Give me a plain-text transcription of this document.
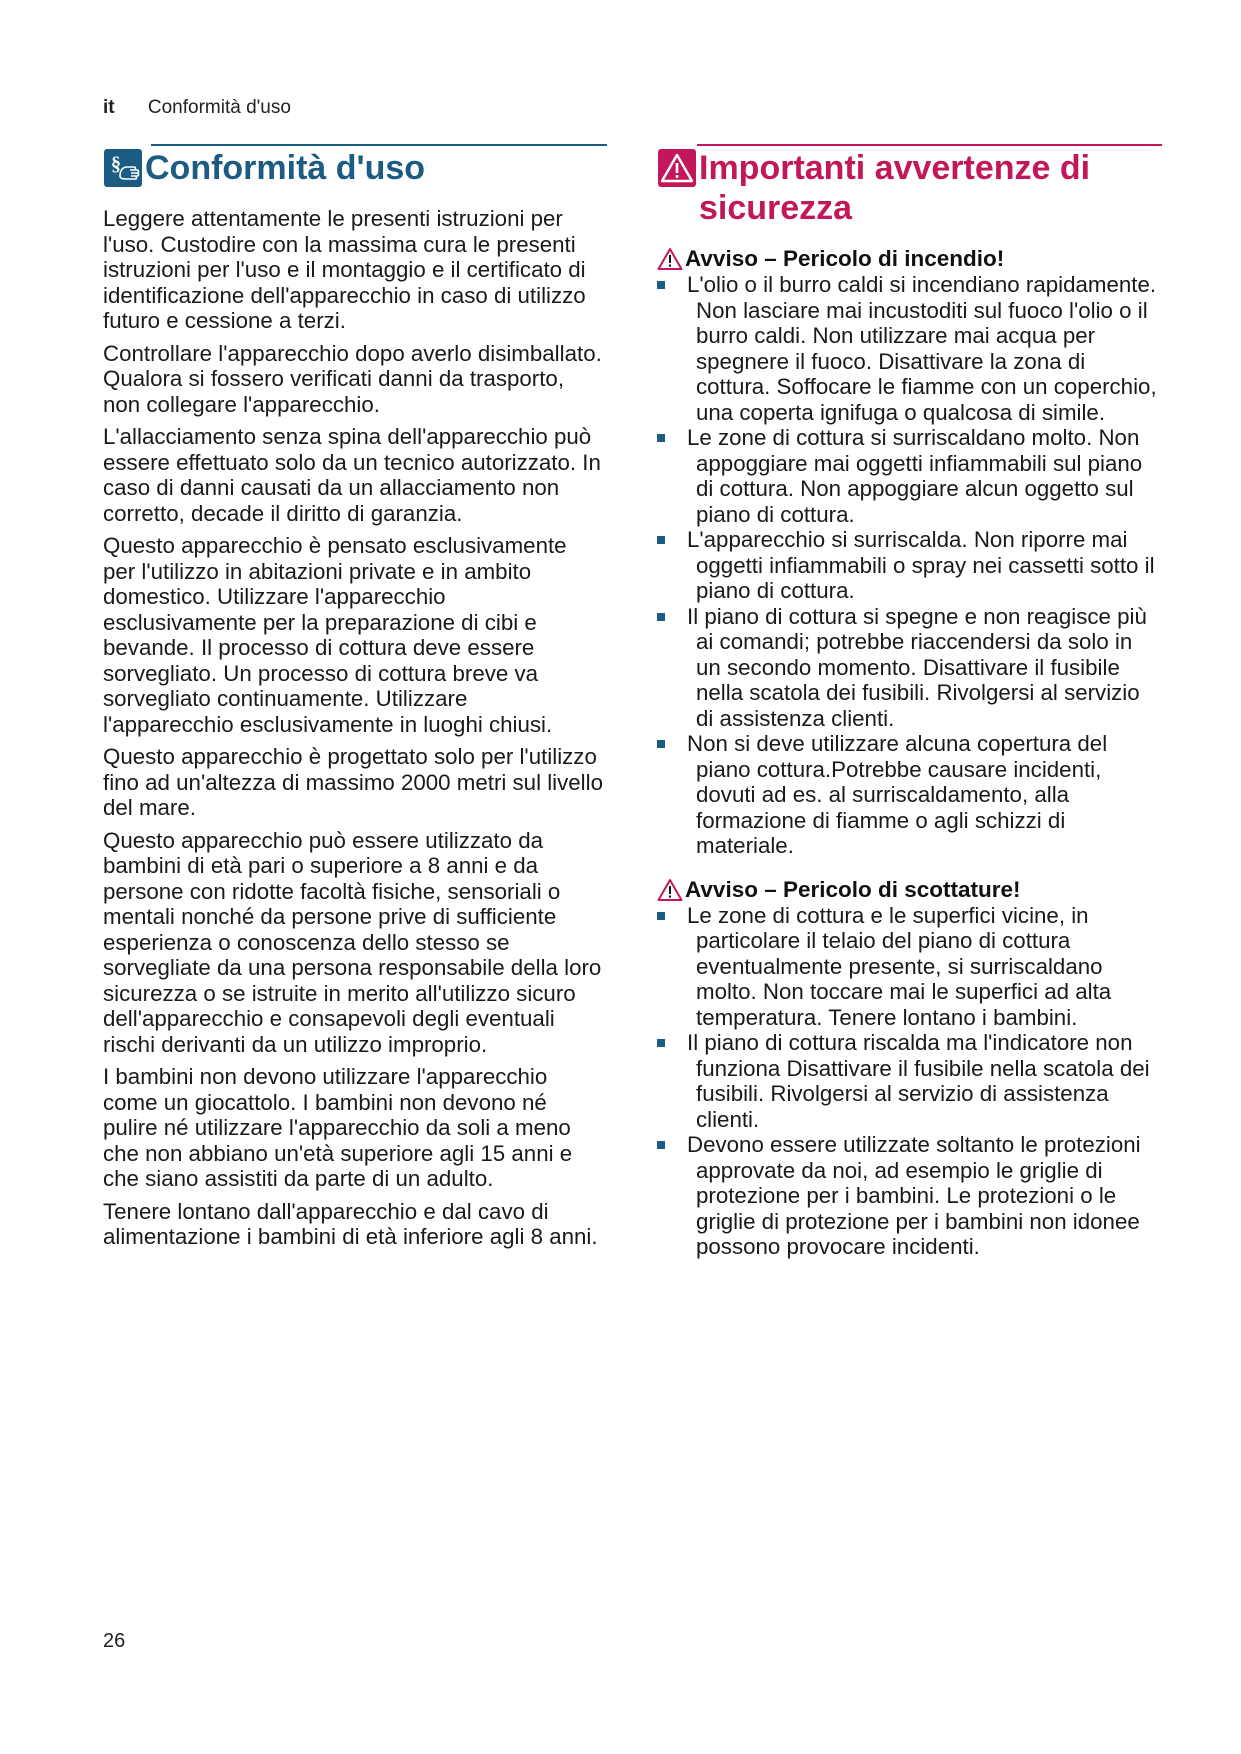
it Conformità d'uso
§ Conformità d'uso

Leggere attentamente le presenti istruzioni per l'uso. Custodire con la massima cura le presenti istruzioni per l'uso e il montaggio e il certificato di identificazione dell'apparecchio in caso di utilizzo futuro e cessione a terzi.

Controllare l'apparecchio dopo averlo disimballato. Qualora si fossero verificati danni da trasporto, non collegare l'apparecchio.

L'allacciamento senza spina dell'apparecchio può essere effettuato solo da un tecnico autorizzato. In caso di danni causati da un allacciamento non corretto, decade il diritto di garanzia.

Questo apparecchio è pensato esclusivamente per l'utilizzo in abitazioni private e in ambito domestico. Utilizzare l'apparecchio esclusivamente per la preparazione di cibi e bevande. Il processo di cottura deve essere sorvegliato. Un processo di cottura breve va sorvegliato continuamente. Utilizzare l'apparecchio esclusivamente in luoghi chiusi.

Questo apparecchio è progettato solo per l'utilizzo fino ad un'altezza di massimo 2000 metri sul livello del mare.

Questo apparecchio può essere utilizzato da bambini di età pari o superiore a 8 anni e da persone con ridotte facoltà fisiche, sensoriali o mentali nonché da persone prive di sufficiente esperienza o conoscenza dello stesso se sorvegliate da una persona responsabile della loro sicurezza o se istruite in merito all'utilizzo sicuro dell'apparecchio e consapevoli degli eventuali rischi derivanti da un utilizzo improprio.

I bambini non devono utilizzare l'apparecchio come un giocattolo. I bambini non devono né pulire né utilizzare l'apparecchio da soli a meno che non abbiano un'età superiore agli 15 anni e che siano assistiti da parte di un adulto.

Tenere lontano dall'apparecchio e dal cavo di alimentazione i bambini di età inferiore agli 8 anni.

Importanti avvertenze di
sicurezza
Avviso – Pericolo di incendio!
L'olio o il burro caldi si incendiano rapidamente. Non lasciare mai incustoditi sul fuoco l'olio o il burro caldi. Non utilizzare mai acqua per spegnere il fuoco. Disattivare la zona di cottura. Soffocare le fiamme con un coperchio, una coperta ignifuga o qualcosa di simile.
Le zone di cottura si surriscaldano molto. Non appoggiare mai oggetti infiammabili sul piano di cottura. Non appoggiare alcun oggetto sul piano di cottura.
L'apparecchio si surriscalda. Non riporre mai oggetti infiammabili o spray nei cassetti sotto il piano di cottura.
Il piano di cottura si spegne e non reagisce più ai comandi; potrebbe riaccendersi da solo in un secondo momento. Disattivare il fusibile nella scatola dei fusibili. Rivolgersi al servizio di assistenza clienti.
Non si deve utilizzare alcuna copertura del piano cottura.Potrebbe causare incidenti, dovuti ad es. al surriscaldamento, alla formazione di fiamme o agli schizzi di materiale.
Avviso – Pericolo di scottature!
Le zone di cottura e le superfici vicine, in particolare il telaio del piano di cottura eventualmente presente, si surriscaldano molto. Non toccare mai le superfici ad alta temperatura. Tenere lontano i bambini.
Il piano di cottura riscalda ma l'indicatore non funziona Disattivare il fusibile nella scatola dei fusibili. Rivolgersi al servizio di assistenza clienti.
Devono essere utilizzate soltanto le protezioni approvate da noi, ad esempio le griglie di protezione per i bambini. Le protezioni o le griglie di protezione per i bambini non idonee possono provocare incidenti.
26
